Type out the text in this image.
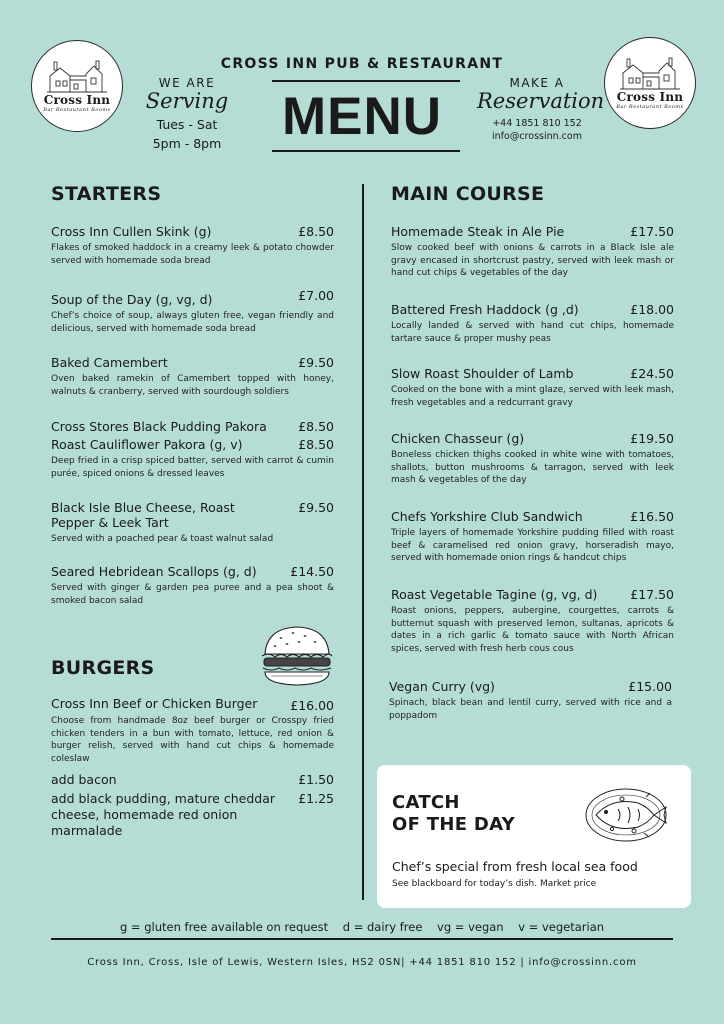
Cross Inn
Bar Restaurant Rooms
Cross Inn
Bar Restaurant Rooms
CROSS INN PUB & RESTAURANT
MENU
WE ARE
Serving
Tues - Sat
5pm - 8pm
MAKE A
Reservation
+44 1851 810 152
info@crossinn.com
STARTERS
Cross Inn Cullen Skink (g)	£8.50
Flakes of smoked haddock in a creamy leek & potato chowder served with homemade soda bread
Soup of the Day (g, vg, d)	£7.00
Chef’s choice of soup, always gluten free, vegan friendly and delicious, served with homemade soda bread
Baked Camembert	£9.50
Oven baked ramekin of Camembert topped with honey, walnuts & cranberry, served with sourdough soldiers
Cross Stores Black Pudding Pakora	£8.50
Roast Cauliflower Pakora (g, v)	£8.50
Deep fried in a crisp spiced batter, served with carrot & cumin purée, spiced onions & dressed leaves
Black Isle Blue Cheese, Roast Pepper & Leek Tart
£9.50
Served with a poached pear & toast walnut salad
Seared Hebridean Scallops (g, d)	£14.50
Served with ginger & garden pea puree and a pea shoot & smoked bacon salad
BURGERS
Cross Inn Beef or Chicken Burger	£16.00
Choose from handmade 8oz beef burger or Crosspy fried chicken tenders in a bun with tomato, lettuce, red onion & burger relish, served with hand cut chips & homemade coleslaw
add bacon	£1.50
add black pudding, mature cheddar cheese, homemade red onion marmalade
£1.25
MAIN COURSE
Homemade Steak in Ale Pie	£17.50
Slow cooked beef with onions & carrots in a Black Isle ale gravy encased in shortcrust pastry, served with leek mash or hand cut chips & vegetables of the day
Battered Fresh Haddock (g ,d)	£18.00
Locally landed & served with hand cut chips, homemade tartare sauce & proper mushy peas
Slow Roast Shoulder of Lamb	£24.50
Cooked on the bone with a mint glaze, served with leek mash, fresh vegetables and a redcurrant gravy
Chicken Chasseur (g)	£19.50
Boneless chicken thighs cooked in white wine with tomatoes, shallots, button mushrooms & tarragon, served with leek mash & vegetables of the day
Chefs Yorkshire Club Sandwich	£16.50
Triple layers of homemade Yorkshire pudding filled with roast beef & caramelised red onion gravy, horseradish mayo, served with homemade onion rings & handcut chips
Roast Vegetable Tagine (g, vg, d)	£17.50
Roast onions, peppers, aubergine, courgettes, carrots & butternut squash with preserved lemon, sultanas, apricots & dates in a rich garlic & tomato sauce with North African spices, served with fresh herb cous cous
Vegan Curry (vg)	£15.00
Spinach, black bean and lentil curry, served with rice and a poppadom
CATCH
OF THE DAY
Chef’s special from fresh local sea food
See blackboard for today’s dish. Market price
g = gluten free available on request    d = dairy free    vg = vegan    v = vegetarian
Cross Inn, Cross, Isle of Lewis, Western Isles, HS2 0SN| +44 1851 810 152 | info@crossinn.com
